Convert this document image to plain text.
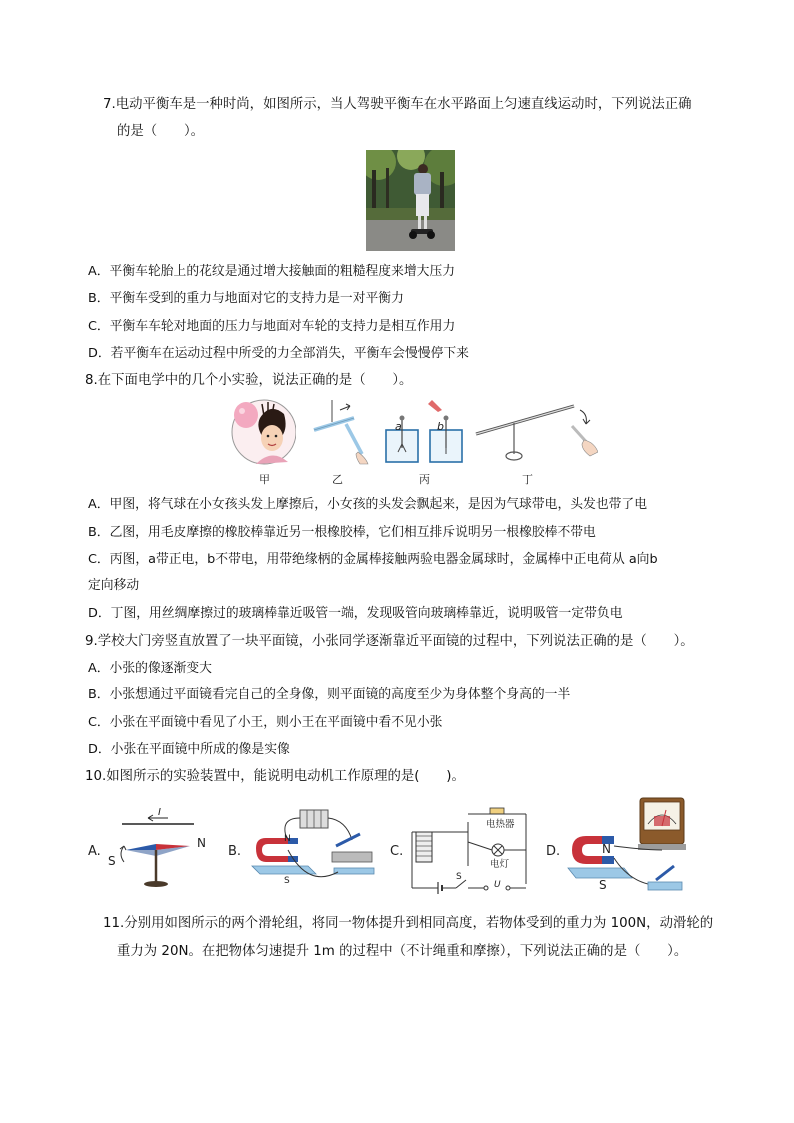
7.电动平衡车是一种时尚，如图所示，当人驾驶平衡车在水平路面上匀速直线运动时，下列说法正确
的是（　　）。
A．平衡车轮胎上的花纹是通过增大接触面的粗糙程度来增大压力
B．平衡车受到的重力与地面对它的支持力是一对平衡力
C．平衡车车轮对地面的压力与地面对车轮的支持力是相互作用力
D．若平衡车在运动过程中所受的力全部消失，平衡车会慢慢停下来
8.在下面电学中的几个小实验，说法正确的是（　　）。
a	b
甲	乙	丙	丁
A．甲图，将气球在小女孩头发上摩擦后，小女孩的头发会飘起来，是因为气球带电，头发也带了电
B．乙图，用毛皮摩擦的橡胶棒靠近另一根橡胶棒，它们相互排斥说明另一根橡胶棒不带电
C．丙图，a带正电，b不带电，用带绝缘柄的金属棒接触两验电器金属球时，金属棒中正电荷从 a向b
定向移动
D．丁图，用丝绸摩擦过的玻璃棒靠近吸管一端，发现吸管向玻璃棒靠近，说明吸管一定带负电
9.学校大门旁竖直放置了一块平面镜，小张同学逐渐靠近平面镜的过程中，下列说法正确的是（　　）。
A．小张的像逐渐变大
B．小张想通过平面镜看完自己的全身像，则平面镜的高度至少为身体整个身高的一半
C．小张在平面镜中看见了小王，则小王在平面镜中看不见小张
D．小张在平面镜中所成的像是实像
10.如图所示的实验装置中，能说明电动机工作原理的是(　　)。
A.
I
N
S
B.
N
S
C.
电热器
电灯
S
U
D.	N
S
11.分别用如图所示的两个滑轮组，将同一物体提升到相同高度，若物体受到的重力为 100N，动滑轮的
重力为 20N。在把物体匀速提升 1m 的过程中（不计绳重和摩擦），下列说法正确的是（　　）。
